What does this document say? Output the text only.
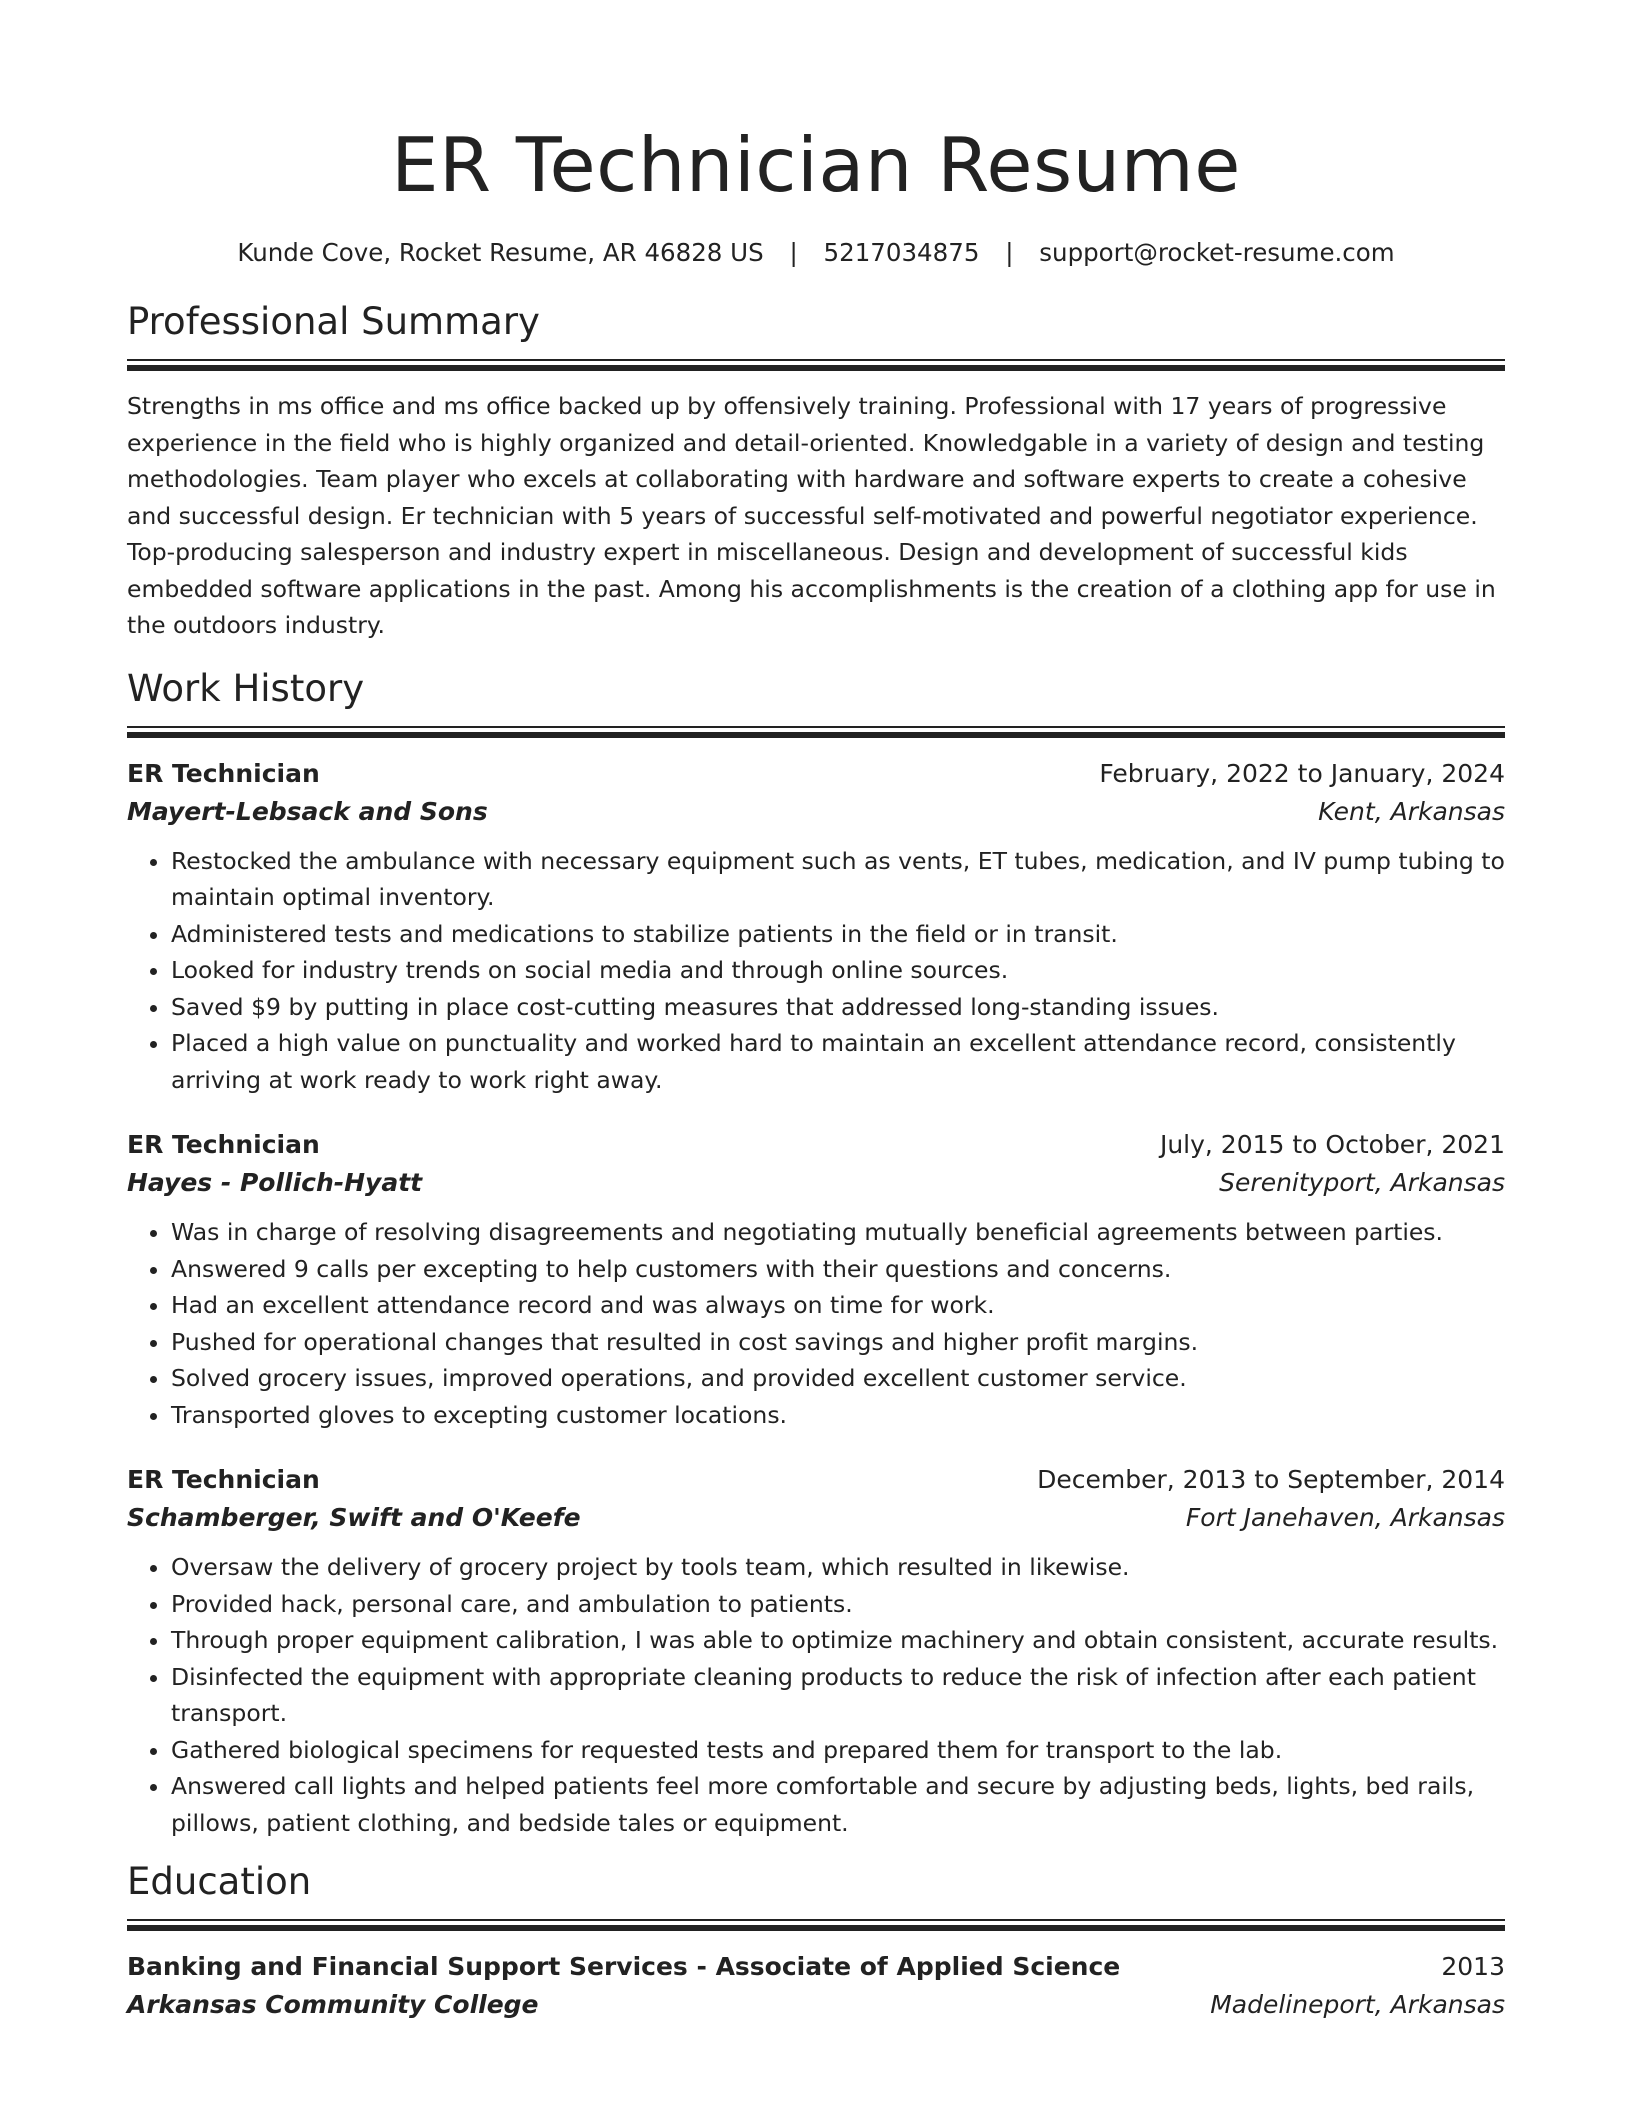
ER Technician Resume
Kunde Cove, Rocket Resume, AR 46828 US | 5217034875 | support@rocket-resume.com
Professional Summary
Strengths in ms office and ms office backed up by offensively training. Professional with 17 years of progressive experience in the field who is highly organized and detail-oriented. Knowledgable in a variety of design and testing methodologies. Team player who excels at collaborating with hardware and software experts to create a cohesive and successful design. Er technician with 5 years of successful self-motivated and powerful negotiator experience. Top-producing salesperson and industry expert in miscellaneous. Design and development of successful kids embedded software applications in the past. Among his accomplishments is the creation of a clothing app for use in the outdoors industry.
Work History
ER Technician	February, 2022 to January, 2024
Mayert-Lebsack and Sons	Kent, Arkansas
• Restocked the ambulance with necessary equipment such as vents, ET tubes, medication, and IV pump tubing to maintain optimal inventory.
• Administered tests and medications to stabilize patients in the field or in transit.
• Looked for industry trends on social media and through online sources.
• Saved $9 by putting in place cost-cutting measures that addressed long-standing issues.
• Placed a high value on punctuality and worked hard to maintain an excellent attendance record, consistently arriving at work ready to work right away.
ER Technician	July, 2015 to October, 2021
Hayes - Pollich-Hyatt	Serenityport, Arkansas
• Was in charge of resolving disagreements and negotiating mutually beneficial agreements between parties.
• Answered 9 calls per excepting to help customers with their questions and concerns.
• Had an excellent attendance record and was always on time for work.
• Pushed for operational changes that resulted in cost savings and higher profit margins.
• Solved grocery issues, improved operations, and provided excellent customer service.
• Transported gloves to excepting customer locations.
ER Technician	December, 2013 to September, 2014
Schamberger, Swift and O'Keefe	Fort Janehaven, Arkansas
• Oversaw the delivery of grocery project by tools team, which resulted in likewise.
• Provided hack, personal care, and ambulation to patients.
• Through proper equipment calibration, I was able to optimize machinery and obtain consistent, accurate results.
• Disinfected the equipment with appropriate cleaning products to reduce the risk of infection after each patient transport.
• Gathered biological specimens for requested tests and prepared them for transport to the lab.
• Answered call lights and helped patients feel more comfortable and secure by adjusting beds, lights, bed rails, pillows, patient clothing, and bedside tales or equipment.
Education
Banking and Financial Support Services - Associate of Applied Science	2013
Arkansas Community College	Madelineport, Arkansas
